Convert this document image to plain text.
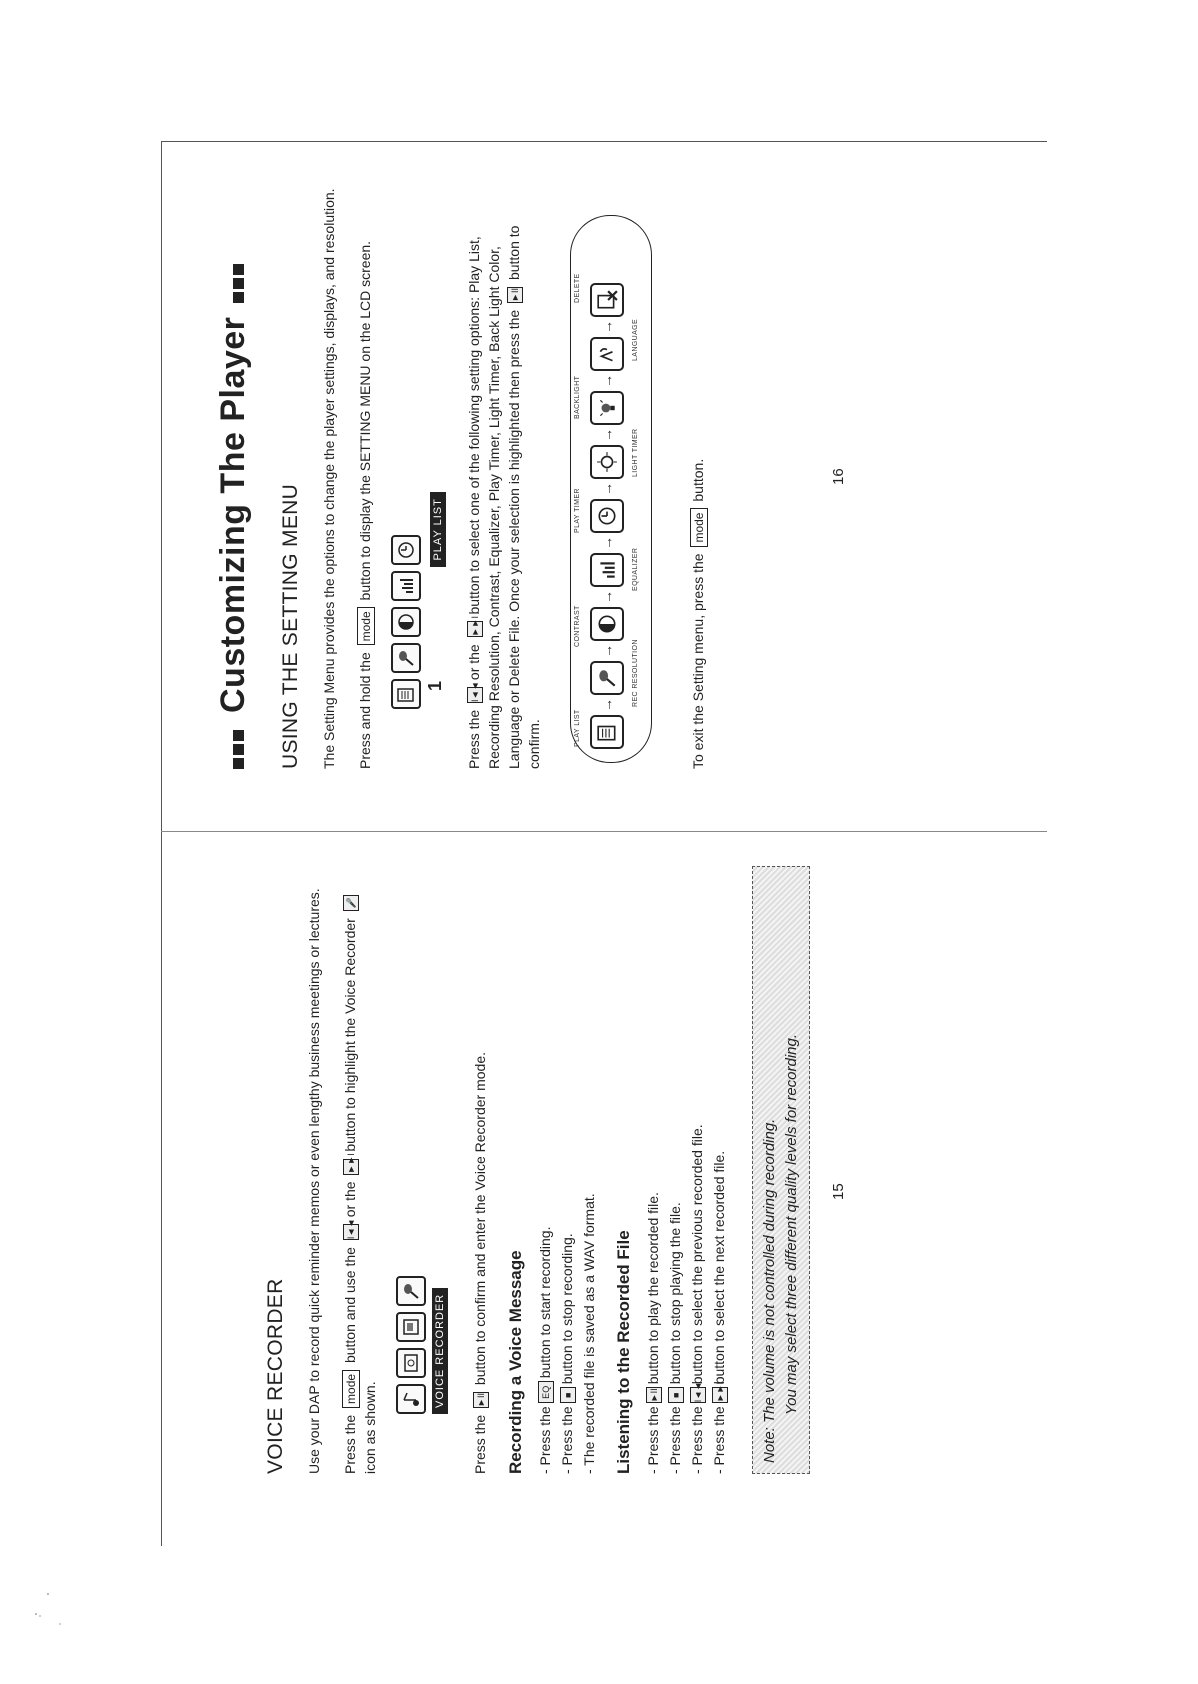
Customizing The Player USING THE SETTING MENU The Setting Menu provides the options to change the player settings, displays, and resolution. Press and hold the mode button to display the SETTING MENU on the LCD screen.

1 PLAY LIST

Press the I◄◄ or the ►►I button to select one of the following setting options: Play List, Recording Resolution, Contrast, Equalizer, Play Timer, Light Timer, Back Light Color, Language or Delete File. Once your selection is highlighted then press the ►II button to confirm.	PLAY LIST
REC RESOLUTION
CONTRAST
EQUALIZER
PLAY TIMER
LIGHT TIMER
BACKLIGHT
LANGUAGE
DELETE
→
→
→
→
→
→
→
→

To exit the Setting menu, press the mode button.	16
VOICE RECORDER Use your DAP to record quick reminder memos or even lengthy business meetings or lectures. Press the mode button and use the I◄◄ or the ►►I button to highlight the Voice Recorder 🎤 icon as shown.

VOICE RECORDER

Press the ►II button to confirm and enter the Voice Recorder mode. Recording a Voice Message - Press theEQbutton to start recording.
- Press the■button to stop recording. - The recorded file is saved as a WAV format. Listening to the Recorded File - Press the►IIbutton to play the recorded file.
- Press the■button to stop playing the file.
- Press theI◄◄button to select the previous recorded file.
- Press the►►Ibutton to select the next recorded file. Note: The volume is not controlled during recording. You may select three different quality levels for recording. 15
